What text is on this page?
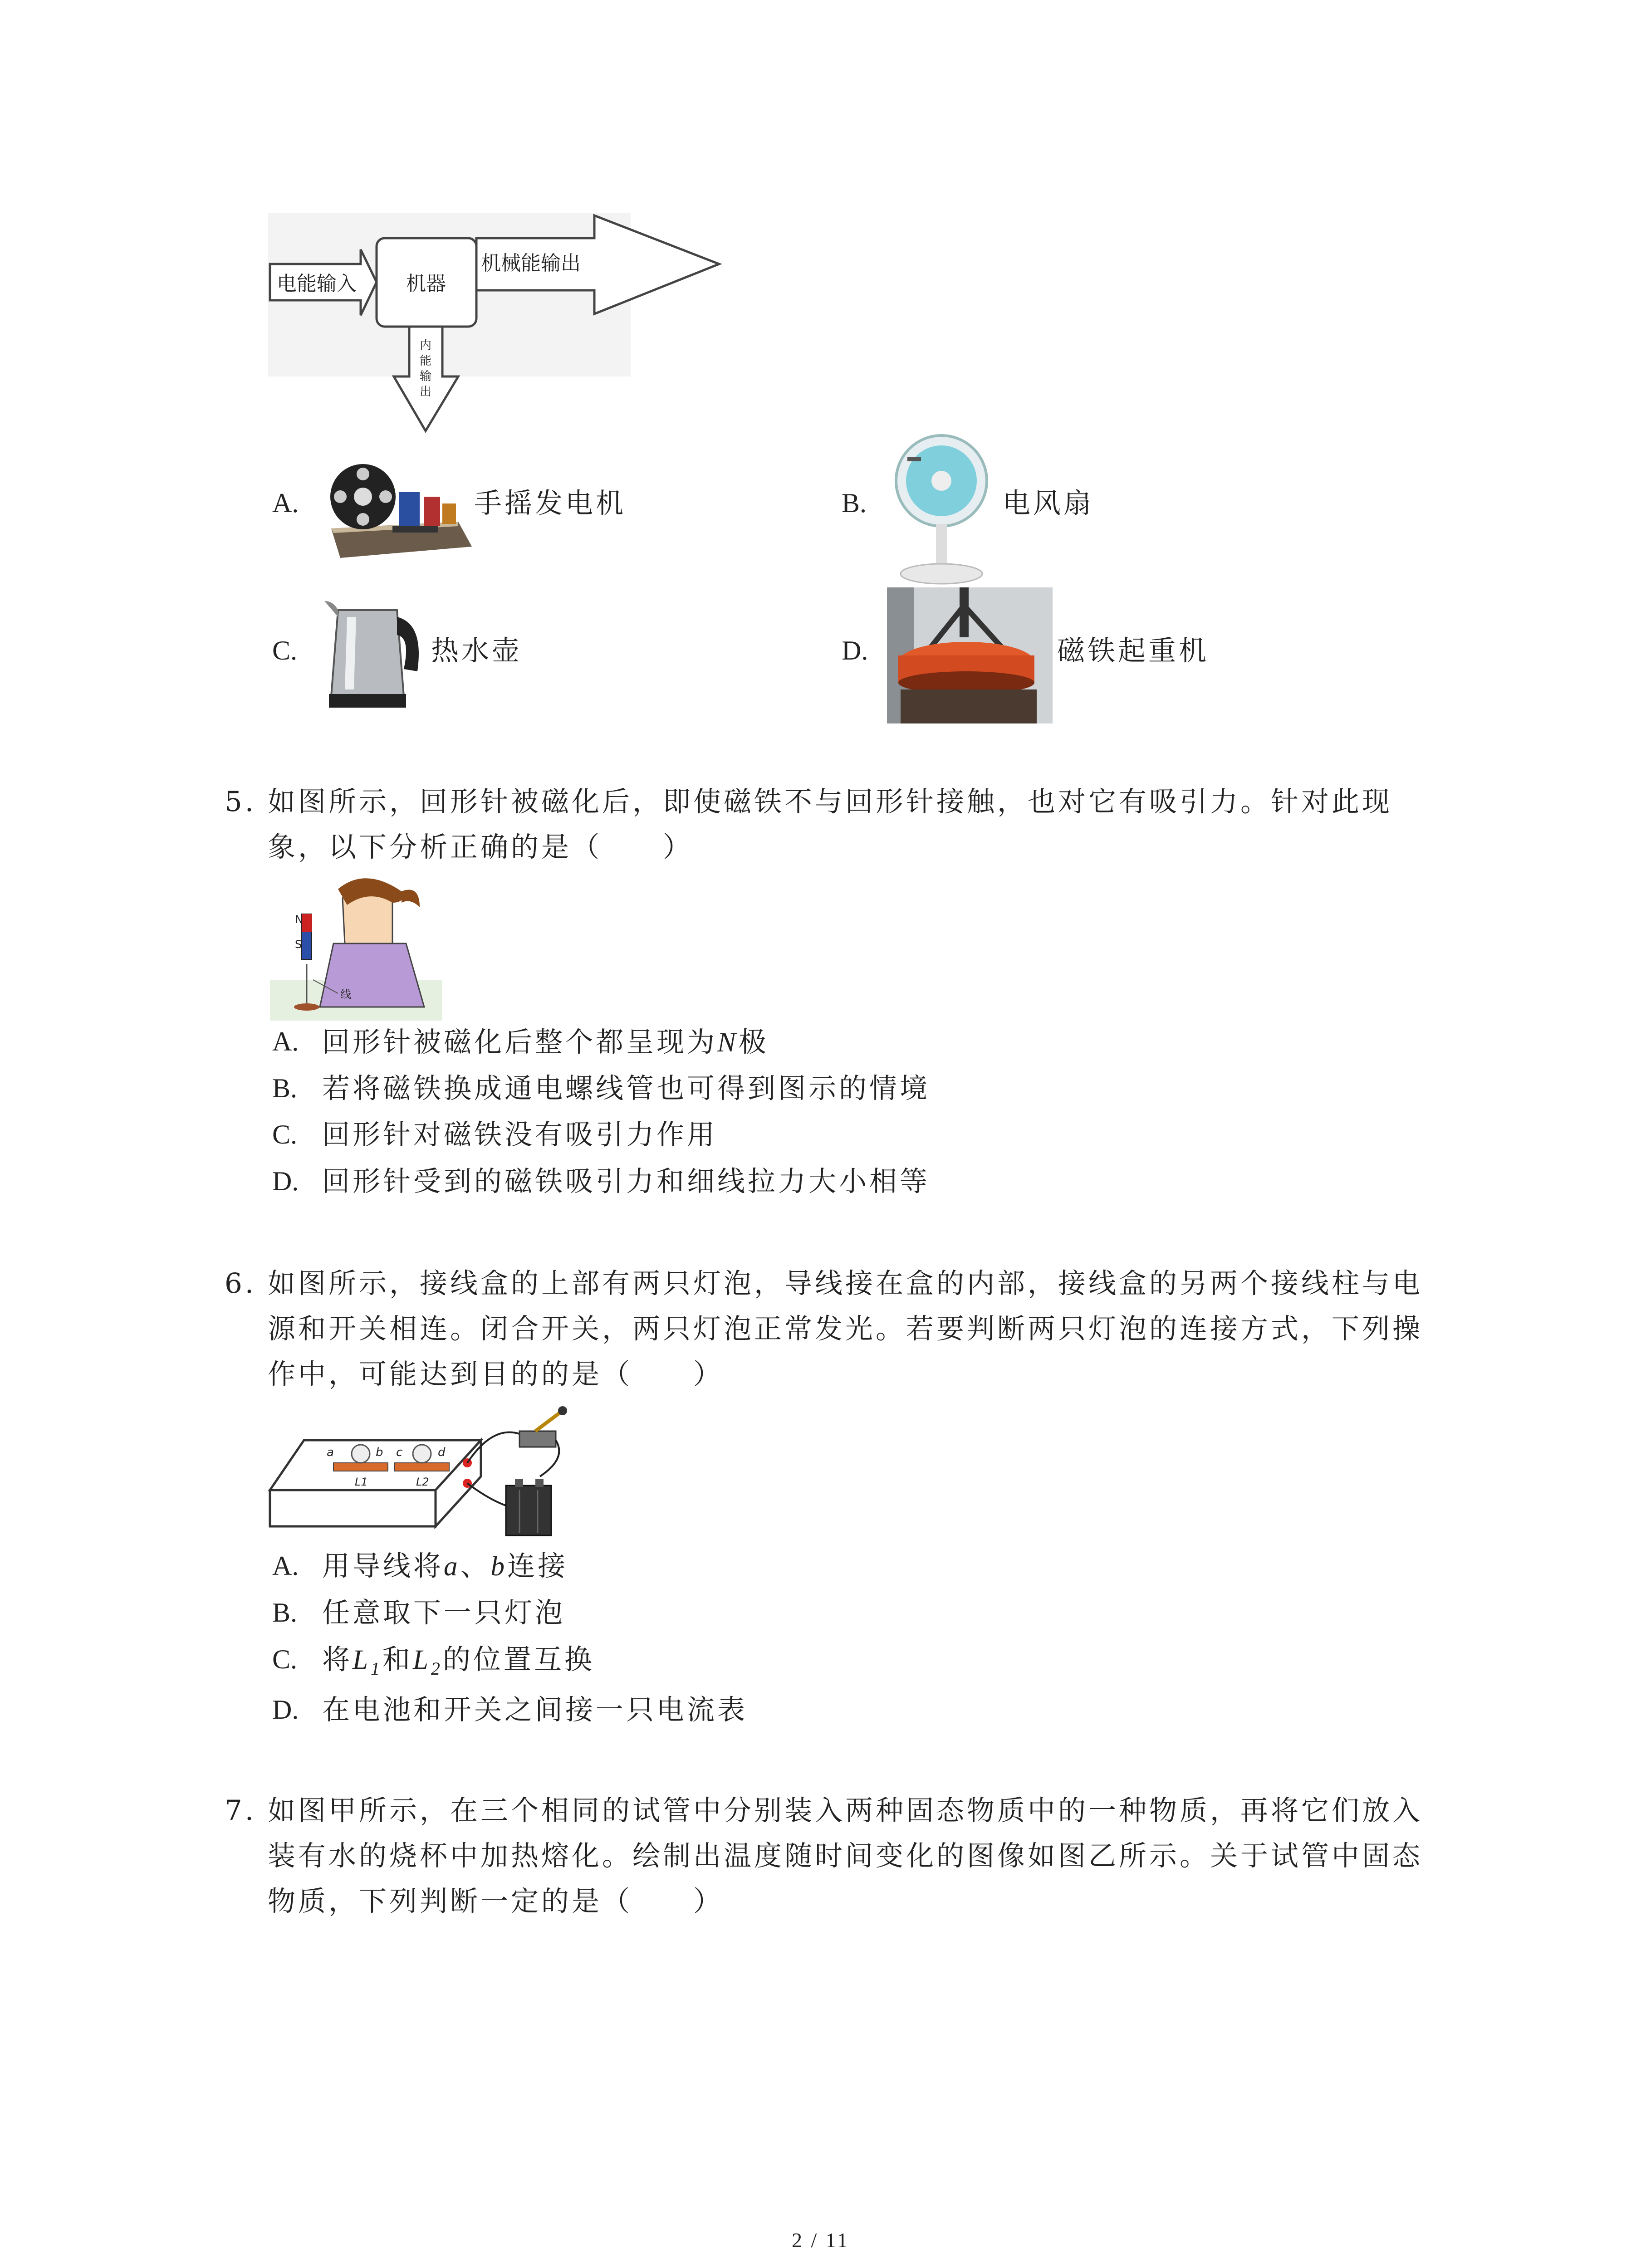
电能输入 机器
机械能输出
内能输出
A.	手摇发电机	B.	电风扇
C.	热水壶	D.	磁铁起重机
5. 如图所示，回形针被磁化后，即使磁铁不与回形针接触，也对它有吸引力。针对此现
象，以下分析正确的是（　　）
N
S
线
A. 回形针被磁化后整个都呈现为N极
B. 若将磁铁换成通电螺线管也可得到图示的情境
C. 回形针对磁铁没有吸引力作用
D. 回形针受到的磁铁吸引力和细线拉力大小相等
6. 如图所示，接线盒的上部有两只灯泡，导线接在盒的内部，接线盒的另两个接线柱与电
源和开关相连。闭合开关，两只灯泡正常发光。若要判断两只灯泡的连接方式，下列操
作中，可能达到目的的是（　　）
a	b c	d
L1	L2
A. 用导线将a、b连接
B. 任意取下一只灯泡
C. 将$L_1$和$L_2$的位置互换
D. 在电池和开关之间接一只电流表
7. 如图甲所示，在三个相同的试管中分别装入两种固态物质中的一种物质，再将它们放入
装有水的烧杯中加热熔化。绘制出温度随时间变化的图像如图乙所示。关于试管中固态
物质，下列判断一定的是（　　）
2 / 11
